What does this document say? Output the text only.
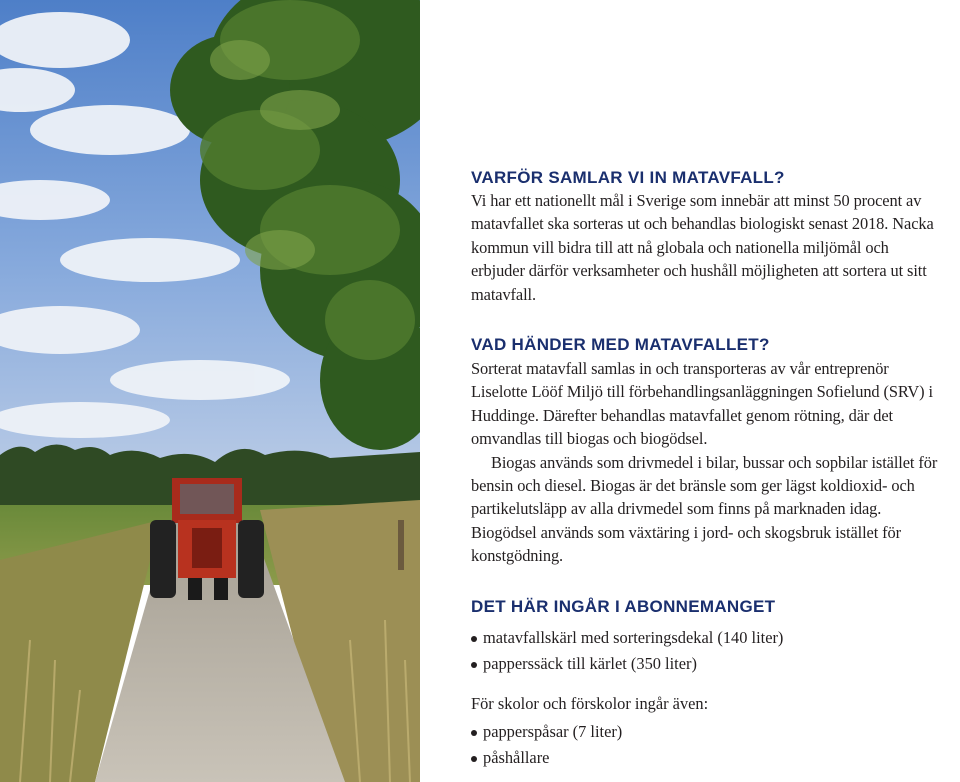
VARFÖR SAMLAR VI IN MATAVFALL?

Vi har ett nationellt mål i Sverige som innebär att minst 50 procent av matavfallet ska sorteras ut och behandlas biologiskt senast 2018. Nacka kommun vill bidra till att nå globala och nationella miljömål och erbjuder därför verksamheter och hushåll möjligheten att sortera ut sitt matavfall.

VAD HÄNDER MED MATAVFALLET?

Sorterat matavfall samlas in och transporteras av vår entreprenör Liselotte Lööf Miljö till förbehandlingsanläggningen Sofielund (SRV) i Huddinge. Därefter behandlas matavfallet genom rötning, där det omvandlas till biogas och biogödsel.

Biogas används som drivmedel i bilar, bussar och sopbilar istället för bensin och diesel. Biogas är det bränsle som ger lägst koldioxid- och partikelutsläpp av alla drivmedel som finns på marknaden idag. Biogödsel används som växtäring i jord- och skogsbruk istället för konstgödning.

DET HÄR INGÅR I ABONNEMANGET
matavfallskärl med sorteringsdekal (140 liter)
papperssäck till kärlet (350 liter)

För skolor och förskolor ingår även:

papperspåsar (7 liter)
påshållare
